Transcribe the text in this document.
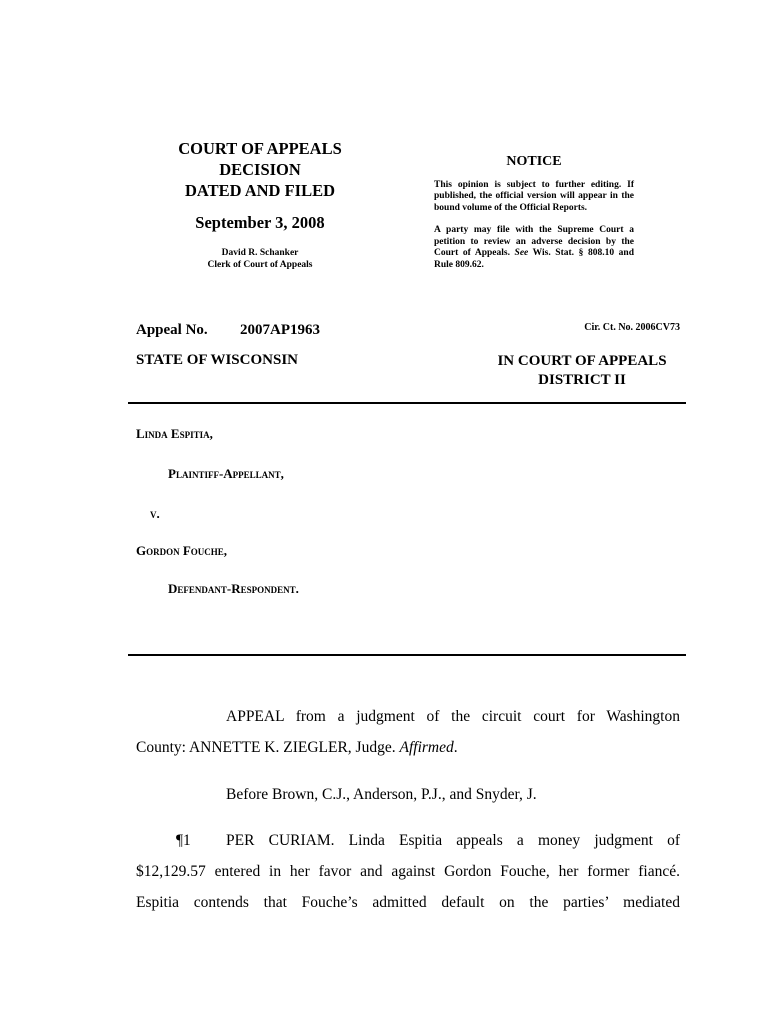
COURT OF APPEALS
DECISION
DATED AND FILED
September 3, 2008
David R. Schanker
Clerk of Court of Appeals
NOTICE

This opinion is subject to further editing. If published, the official version will appear in the bound volume of the Official Reports.

A party may file with the Supreme Court a petition to review an adverse decision by the Court of Appeals. See Wis. Stat. § 808.10 and Rule 809.62.

Appeal No. 2007AP1963	Cir. Ct. No. 2006CV73
STATE OF WISCONSIN	IN COURT OF APPEALS
DISTRICT II
Linda Espitia,
Plaintiff-Appellant,
v.
Gordon Fouche,
Defendant-Respondent.

APPEAL from a judgment of the circuit court for Washington

County: ANNETTE K. ZIEGLER, Judge. Affirmed.

Before Brown, C.J., Anderson, P.J., and Snyder, J.

¶1 PER CURIAM. Linda Espitia appeals a money judgment of

$12,129.57 entered in her favor and against Gordon Fouche, her former fiancé.

Espitia contends that Fouche’s admitted default on the parties’ mediated
